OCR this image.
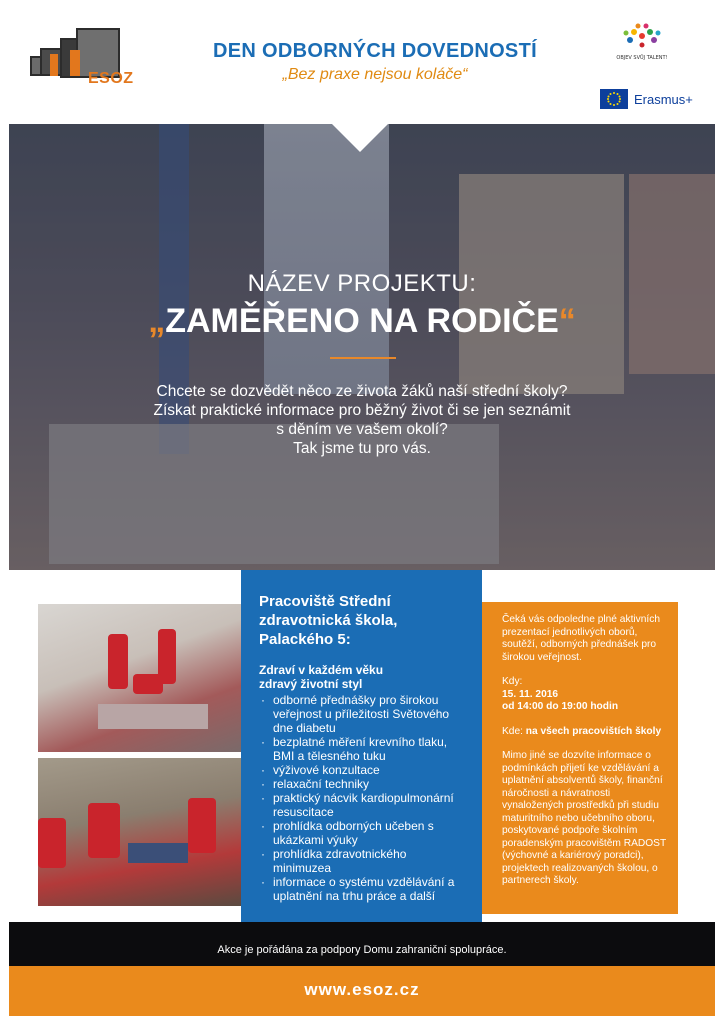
ESOZ
DEN ODBORNÝCH DOVEDNOSTÍ
„Bez praxe nejsou koláče“
OBJEV SVŮJ TALENT!
Erasmus+
NÁZEV PROJEKTU:
„ZAMĚŘENO NA RODIČE“
Chcete se dozvědět něco ze života žáků naší střední školy?
Získat praktické informace pro běžný život či se jen seznámit
s děním ve vašem okolí?
Tak jsme tu pro vás.
Pracoviště Střední
zdravotnická škola,
Palackého 5:
Zdraví v každém věku
zdravý životní styl
· odborné přednášky pro širokou veřejnost u příležitosti Světového dne diabetu
· bezplatné měření krevního tlaku, BMI a tělesného tuku
· výživové konzultace
· relaxační techniky
· praktický nácvik kardiopulmonární resuscitace
· prohlídka odborných učeben s ukázkami výuky
· prohlídka zdravotnického minimuzea
· informace o systému vzdělávání a uplatnění na trhu práce a další

Čeká vás odpoledne plné aktivních prezentací jednotlivých oborů, soutěží, odborných přednášek pro širokou veřejnost.

Kdy:
15. 11. 2016

od 14:00 do 19:00 hodin

Kde: na všech pracovištích školy

Mimo jiné se dozvíte informace o podmínkách přijetí ke vzdělávání a uplatnění absolventů školy, finanční náročnosti a návratnosti vynaložených prostředků při studiu maturitního nebo učebního oboru, poskytované podpoře školním poradenským pracovištěm RADOST (výchovné a kariérový poradci), projektech realizovaných školou, o partnerech školy.

Akce je pořádána za podpory Domu zahraniční spolupráce.
www.esoz.cz
